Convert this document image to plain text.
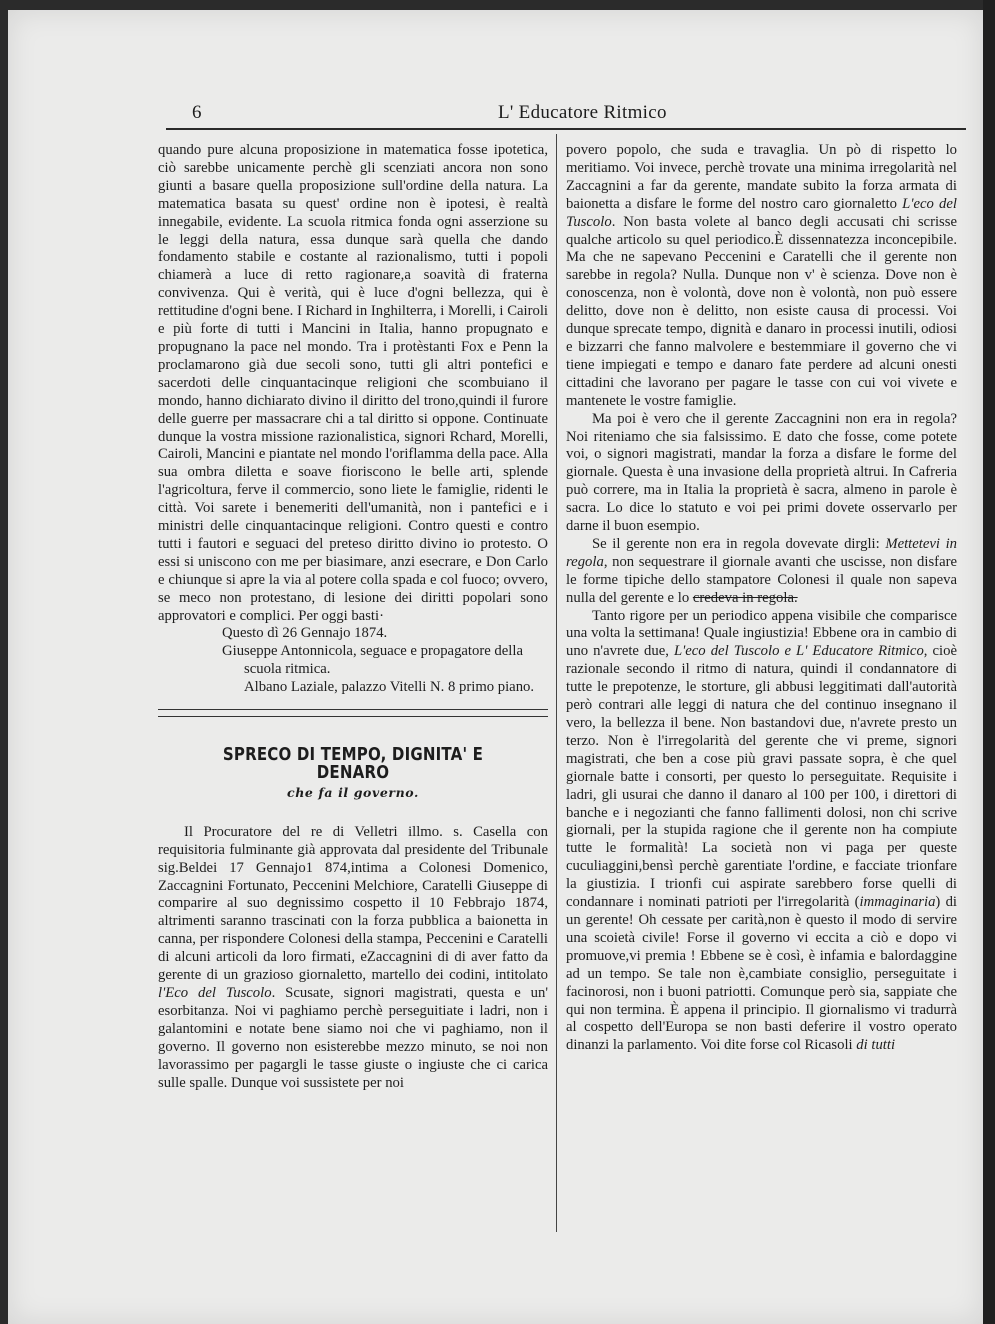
6	L' Educatore Ritmico

quando pure alcuna proposizione in matematica fosse ipotetica, ciò sarebbe unicamente perchè gli scenziati ancora non sono giunti a basare quella proposizione sull'ordine della natura. La matematica basata su quest' ordine non è ipotesi, è realtà innegabile, evidente. La scuola ritmica fonda ogni asserzione su le leggi della natura, essa dunque sarà quella che dando fondamento stabile e costante al razionalismo, tutti i popoli chiamerà a luce di retto ragionare,a soavità di fraterna convivenza. Qui è verità, qui è luce d'ogni bellezza, qui è rettitudine d'ogni bene. I Richard in Inghilterra, i Morelli, i Cairoli e più forte di tutti i Mancini in Italia, hanno propugnato e propugnano la pace nel mondo. Tra i protèstanti Fox e Penn la proclamarono già due secoli sono, tutti gli altri pontefici e sacerdoti delle cinquantacinque religioni che scombuiano il mondo, hanno dichiarato divino il diritto del trono,quindi il furore delle guerre per massacrare chi a tal diritto si oppone. Continuate dunque la vostra missione razionalistica, signori Rchard, Morelli, Cairoli, Mancini e piantate nel mondo l'oriflamma della pace. Alla sua ombra diletta e soave fioriscono le belle arti, splende l'agricoltura, ferve il commercio, sono liete le famiglie, ridenti le città. Voi sarete i benemeriti dell'umanità, non i pantefici e i ministri delle cinquantacinque religioni. Contro questi e contro tutti i fautori e seguaci del preteso diritto divino io protesto. O essi si uniscono con me per biasimare, anzi esecrare, e Don Carlo e chiunque si apre la via al potere colla spada e col fuoco; ovvero, se meco non protestano, di lesione dei diritti popolari sono approvatori e complici. Per oggi basti·

Questo dì 26 Gennajo 1874.

Giuseppe Antonnicola, seguace e propagatore della
scuola ritmica.

Albano Laziale, palazzo Vitelli N. 8 primo piano.

SPRECO DI TEMPO, DIGNITA' E DENARO
che fa il governo.

Il Procuratore del re di Velletri illmo. s. Casella con requisitoria fulminante già approvata dal presidente del Tribunale sig.Beldei 17 Gennajo1 874,intima a Colonesi Domenico, Zaccagnini Fortunato, Peccenini Melchiore, Caratelli Giuseppe di comparire al suo degnissimo cospetto il 10 Febbrajo 1874, altrimenti saranno trascinati con la forza pubblica a baionetta in canna, per rispondere Colonesi della stampa, Peccenini e Caratelli di alcuni articoli da loro firmati, eZaccagnini di di aver fatto da gerente di un grazioso giornaletto, martello dei codini, intitolato l'Eco del Tuscolo. Scusate, signori magistrati, questa e un' esorbitanza. Noi vi paghiamo perchè perseguitiate i ladri, non i galantomini e notate bene siamo noi che vi paghiamo, non il governo. Il governo non esisterebbe mezzo minuto, se noi non lavorassimo per pagargli le tasse giuste o ingiuste che ci carica sulle spalle. Dunque voi sussistete per noi

povero popolo, che suda e travaglia. Un pò di rispetto lo meritiamo. Voi invece, perchè trovate una minima irregolarità nel Zaccagnini a far da gerente, mandate subito la forza armata di baionetta a disfare le forme del nostro caro giornaletto L'eco del Tuscolo. Non basta volete al banco degli accusati chi scrisse qualche articolo su quel periodico.È dissennatezza inconcepibile. Ma che ne sapevano Peccenini e Caratelli che il gerente non sarebbe in regola? Nulla. Dunque non v' è scienza. Dove non è conoscenza, non è volontà, dove non è volontà, non può essere delitto, dove non è delitto, non esiste causa di processi. Voi dunque sprecate tempo, dignità e danaro in processi inutili, odiosi e bizzarri che fanno malvolere e bestemmiare il governo che vi tiene impiegati e tempo e danaro fate perdere ad alcuni onesti cittadini che lavorano per pagare le tasse con cui voi vivete e mantenete le vostre famiglie.

Ma poi è vero che il gerente Zaccagnini non era in regola? Noi riteniamo che sia falsissimo. E dato che fosse, come potete voi, o signori magistrati, mandar la forza a disfare le forme del giornale. Questa è una invasione della proprietà altrui. In Cafreria può correre, ma in Italia la proprietà è sacra, almeno in parole è sacra. Lo dice lo statuto e voi pei primi dovete osservarlo per darne il buon esempio.

Se il gerente non era in regola dovevate dirgli: Mettetevi in regola, non sequestrare il giornale avanti che uscisse, non disfare le forme tipiche dello stampatore Colonesi il quale non sapeva nulla del gerente e lo credeva in regola.

Tanto rigore per un periodico appena visibile che comparisce una volta la settimana! Quale ingiustizia! Ebbene ora in cambio di uno n'avrete due, L'eco del Tuscolo e L' Educatore Ritmico, cioè razionale secondo il ritmo di natura, quindi il condannatore di tutte le prepotenze, le storture, gli abbusi leggitimati dall'autorità però contrari alle leggi di natura che del continuo insegnano il vero, la bellezza il bene. Non bastandovi due, n'avrete presto un terzo. Non è l'irregolarità del gerente che vi preme, signori magistrati, che ben a cose più gravi passate sopra, è che quel giornale batte i consorti, per questo lo perseguitate. Requisite i ladri, gli usurai che danno il danaro al 100 per 100, i direttori di banche e i negozianti che fanno fallimenti dolosi, non chi scrive giornali, per la stupida ragione che il gerente non ha compiute tutte le formalità! La società non vi paga per queste cuculiaggini,bensì perchè garentiate l'ordine, e facciate trionfare la giustizia. I trionfi cui aspirate sarebbero forse quelli di condannare i nominati patrioti per l'irregolarità (immaginaria) di un gerente! Oh cessate per carità,non è questo il modo di servire una scoietà civile! Forse il governo vi eccita a ciò e dopo vi promuove,vi premia ! Ebbene se è così, è infamia e balordaggine ad un tempo. Se tale non è,cambiate consiglio, perseguitate i facinorosi, non i buoni patriotti. Comunque però sia, sappiate che qui non termina. È appena il principio. Il giornalismo vi tradurrà al cospetto dell'Europa se non basti deferire il vostro operato dinanzi la parlamento. Voi dite forse col Ricasoli di tutti
